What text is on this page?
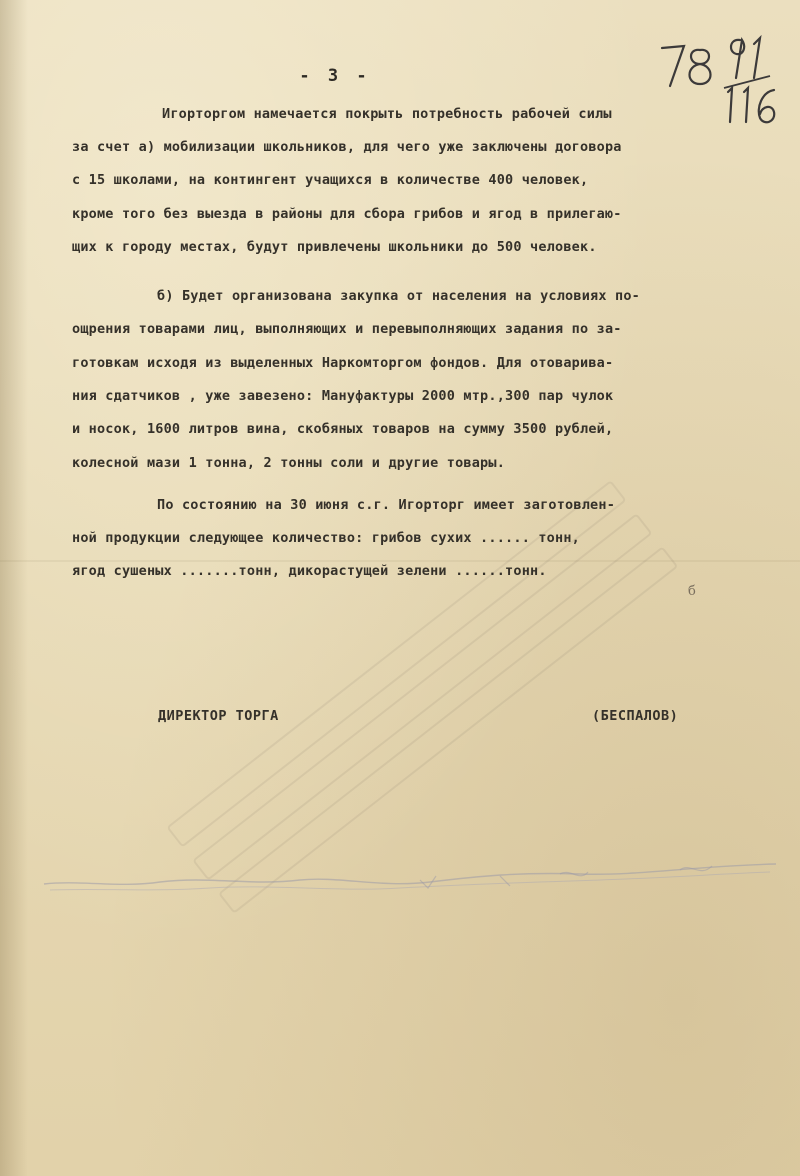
- 3 -
Игорторгом намечается покрыть потребность рабочей силы
за счет а) мобилизации школьников, для чего уже заключены договора
с 15 школами, на контингент учащихся в количестве 400 человек,
кроме того без выезда в районы для сбора грибов и ягод в прилегаю-
щих к городу местах, будут привлечены школьники до 500 человек.
б) Будет организована закупка от населения на условиях по-
ощрения товарами лиц, выполняющих и перевыполняющих задания по за-
готовкам исходя из выделенных Наркомторгом фондов. Для отоварива-
ния сдатчиков , уже завезено: Мануфактуры 2000 мтр.,300 пар чулок
и носок, 1600 литров вина, скобяных товаров на сумму 3500 рублей,
колесной мази 1 тонна, 2 тонны соли и другие товары.
По состоянию на 30 июня с.г. Игорторг имеет заготовлен-
ной продукции следующее количество: грибов сухих ...... тонн,
ягод сушеных .......тонн, дикорастущей зелени ......тонн.
б
ДИРЕКТОР ТОРГА	(БЕСПАЛОВ)
